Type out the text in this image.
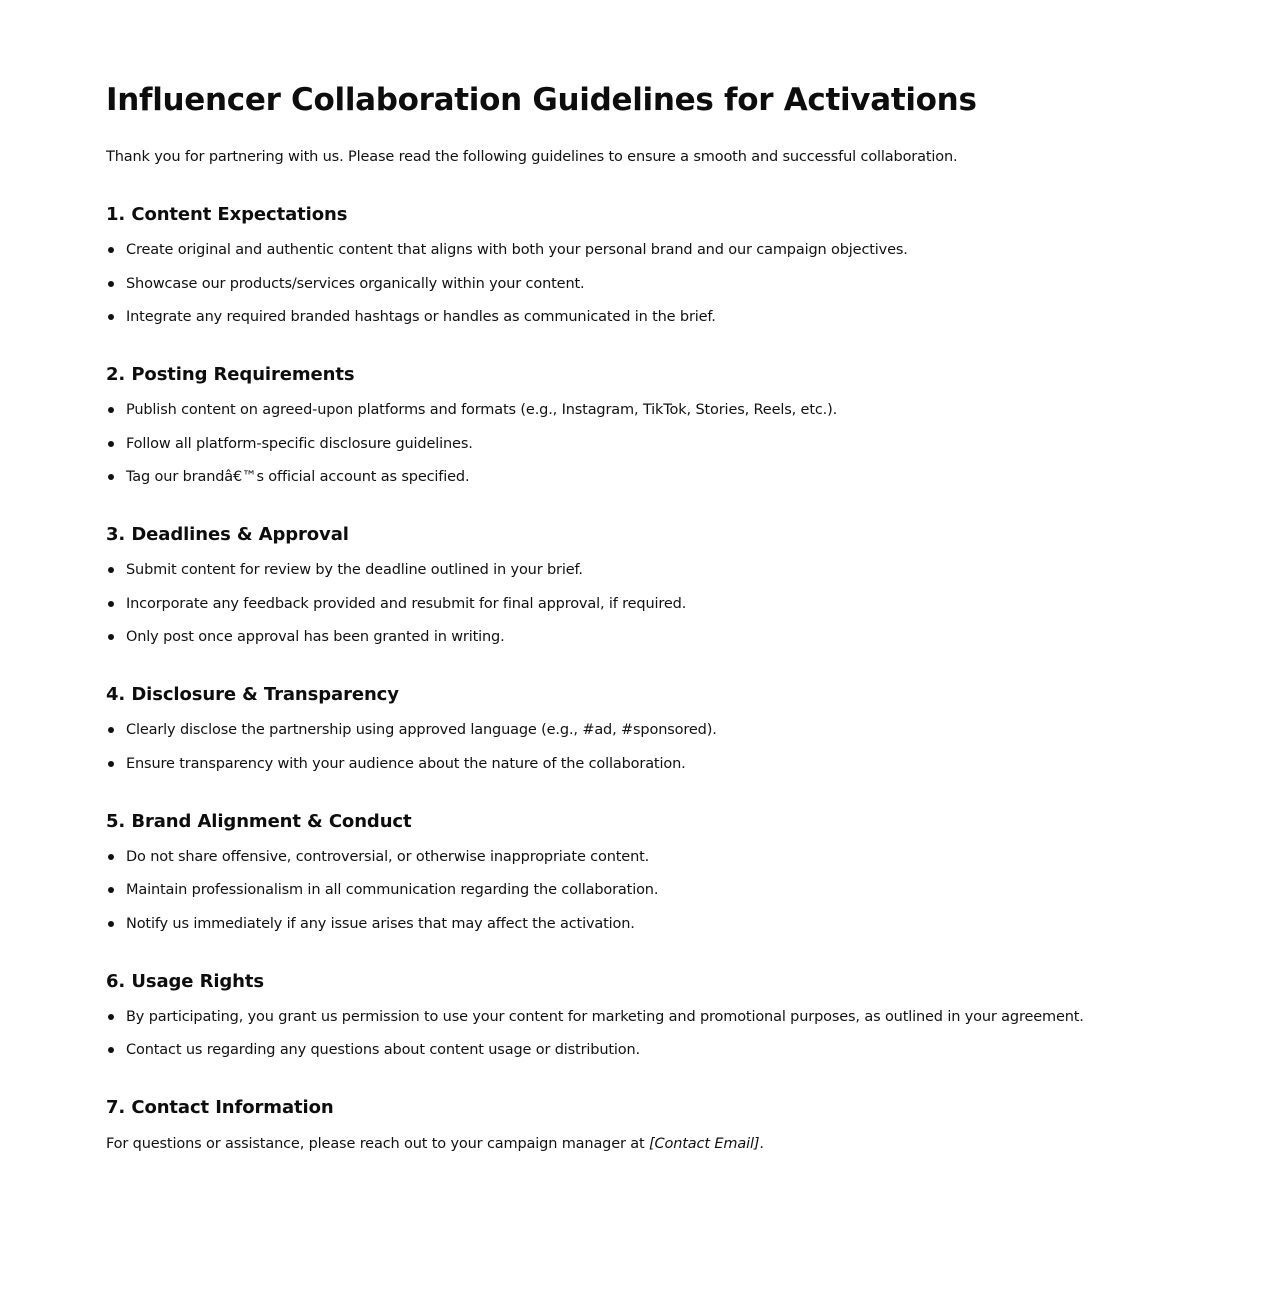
Influencer Collaboration Guidelines for Activations

Thank you for partnering with us. Please read the following guidelines to ensure a smooth and successful collaboration.

1. Content Expectations
Create original and authentic content that aligns with both your personal brand and our campaign objectives.
Showcase our products/services organically within your content.
Integrate any required branded hashtags or handles as communicated in the brief.
2. Posting Requirements
Publish content on agreed-upon platforms and formats (e.g., Instagram, TikTok, Stories, Reels, etc.).
Follow all platform-specific disclosure guidelines.
Tag our brandâ€™s official account as specified.
3. Deadlines & Approval
Submit content for review by the deadline outlined in your brief.
Incorporate any feedback provided and resubmit for final approval, if required.
Only post once approval has been granted in writing.
4. Disclosure & Transparency
Clearly disclose the partnership using approved language (e.g., #ad, #sponsored).
Ensure transparency with your audience about the nature of the collaboration.
5. Brand Alignment & Conduct
Do not share offensive, controversial, or otherwise inappropriate content.
Maintain professionalism in all communication regarding the collaboration.
Notify us immediately if any issue arises that may affect the activation.
6. Usage Rights
By participating, you grant us permission to use your content for marketing and promotional purposes, as outlined in your agreement.
Contact us regarding any questions about content usage or distribution.
7. Contact Information

For questions or assistance, please reach out to your campaign manager at [Contact Email].
